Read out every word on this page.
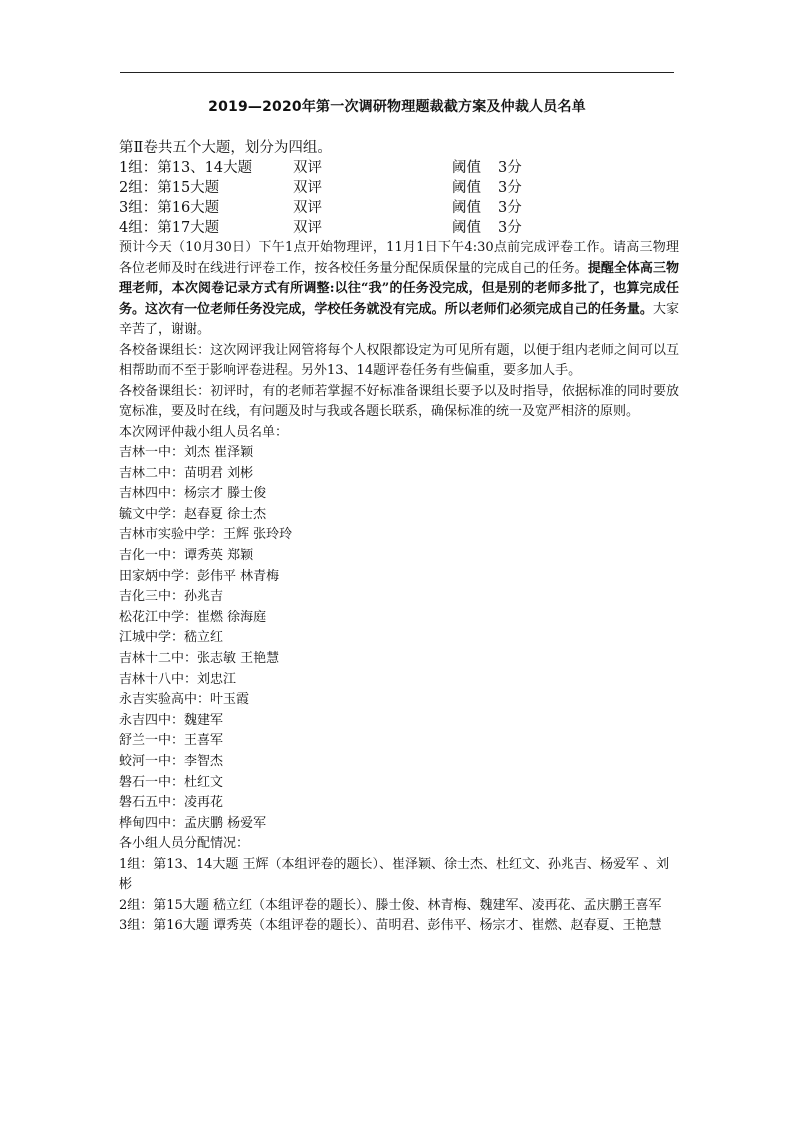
2019—2020年第一次调研物理题裁截方案及仲裁人员名单

第Ⅱ卷共五个大题，划分为四组。

1组：第13、14大题	双评	阈值	3分
2组：第15大题	双评	阈值	3分
3组：第16大题	双评	阈值	3分
4组：第17大题	双评	阈值	3分

预计今天（10月30日）下午1点开始物理评，11月1日下午4:30点前完成评卷工作。请高三物理各位老师及时在线进行评卷工作，按各校任务量分配保质保量的完成自己的任务。提醒全体高三物理老师，本次阅卷记录方式有所调整:以往“我”的任务没完成，但是别的老师多批了，也算完成任务。这次有一位老师任务没完成，学校任务就没有完成。所以老师们必须完成自己的任务量。大家辛苦了，谢谢。

各校备课组长：这次网评我让网管将每个人权限都设定为可见所有题，以便于组内老师之间可以互相帮助而不至于影响评卷进程。另外13、14题评卷任务有些偏重，要多加人手。

各校备课组长：初评时，有的老师若掌握不好标准备课组长要予以及时指导，依据标准的同时要放宽标准，要及时在线，有问题及时与我或各题长联系，确保标准的统一及宽严相济的原则。

本次网评仲裁小组人员名单：

吉林一中：刘杰 崔泽颖

吉林二中：苗明君 刘彬

吉林四中：杨宗才 滕士俊

毓文中学：赵春夏 徐士杰

吉林市实验中学：王辉 张玲玲

吉化一中：谭秀英 郑颖

田家炳中学：彭伟平 林青梅

吉化三中：孙兆吉

松花江中学：崔燃 徐海庭

江城中学：嵇立红

吉林十二中：张志敏 王艳慧

吉林十八中：刘忠江

永吉实验高中：叶玉霞

永吉四中：魏建军

舒兰一中：王喜军

蛟河一中：李智杰

磐石一中：杜红文

磐石五中：凌再花

桦甸四中：孟庆鹏 杨爱军

各小组人员分配情况：

1组：第13、14大题 王辉（本组评卷的题长）、崔泽颖、徐士杰、杜红文、孙兆吉、杨爱军 、刘彬

2组：第15大题 嵇立红（本组评卷的题长）、滕士俊、林青梅、魏建军、凌再花、孟庆鹏王喜军

3组：第16大题 谭秀英（本组评卷的题长）、苗明君、彭伟平、杨宗才、崔燃、赵春夏、王艳慧
